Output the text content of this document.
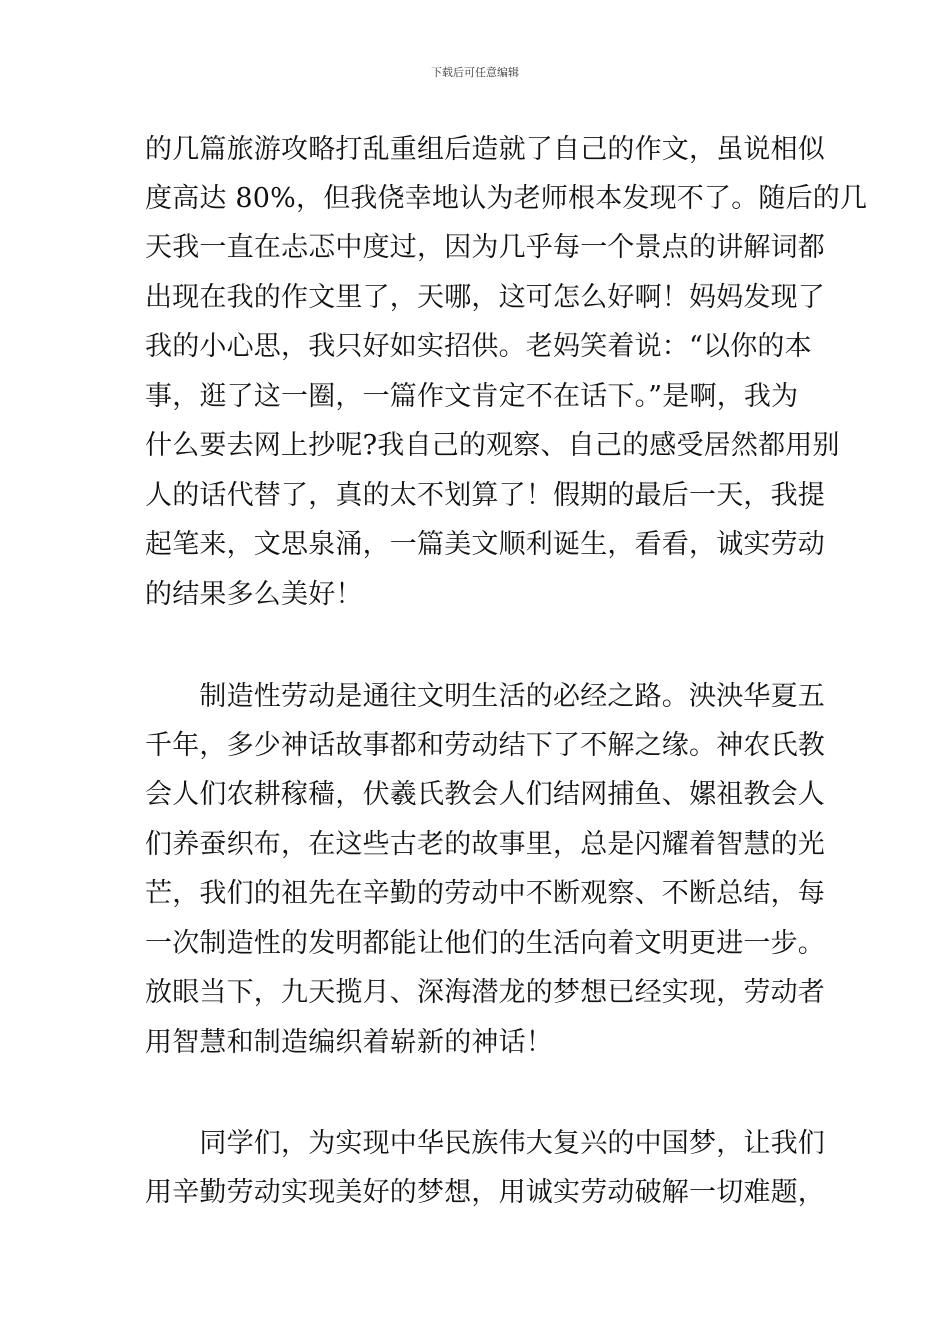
下载后可任意编辑
的几篇旅游攻略打乱重组后造就了自己的作文，虽说相似
度高达 80%，但我侥幸地认为老师根本发现不了。随后的几
天我一直在忐忑中度过，因为几乎每一个景点的讲解词都
出现在我的作文里了，天哪，这可怎么好啊！妈妈发现了
我的小心思，我只好如实招供。老妈笑着说：“以你的本
事，逛了这一圈，一篇作文肯定不在话下。”是啊，我为
什么要去网上抄呢?我自己的观察、自己的感受居然都用别
人的话代替了，真的太不划算了！假期的最后一天，我提
起笔来，文思泉涌，一篇美文顺利诞生，看看，诚实劳动
的结果多么美好！
　　制造性劳动是通往文明生活的必经之路。泱泱华夏五
千年，多少神话故事都和劳动结下了不解之缘。神农氏教
会人们农耕稼穑，伏羲氏教会人们结网捕鱼、嫘祖教会人
们养蚕织布，在这些古老的故事里，总是闪耀着智慧的光
芒，我们的祖先在辛勤的劳动中不断观察、不断总结，每
一次制造性的发明都能让他们的生活向着文明更进一步。
放眼当下，九天揽月、深海潜龙的梦想已经实现，劳动者
用智慧和制造编织着崭新的神话！
　　同学们，为实现中华民族伟大复兴的中国梦，让我们
用辛勤劳动实现美好的梦想，用诚实劳动破解一切难题，
